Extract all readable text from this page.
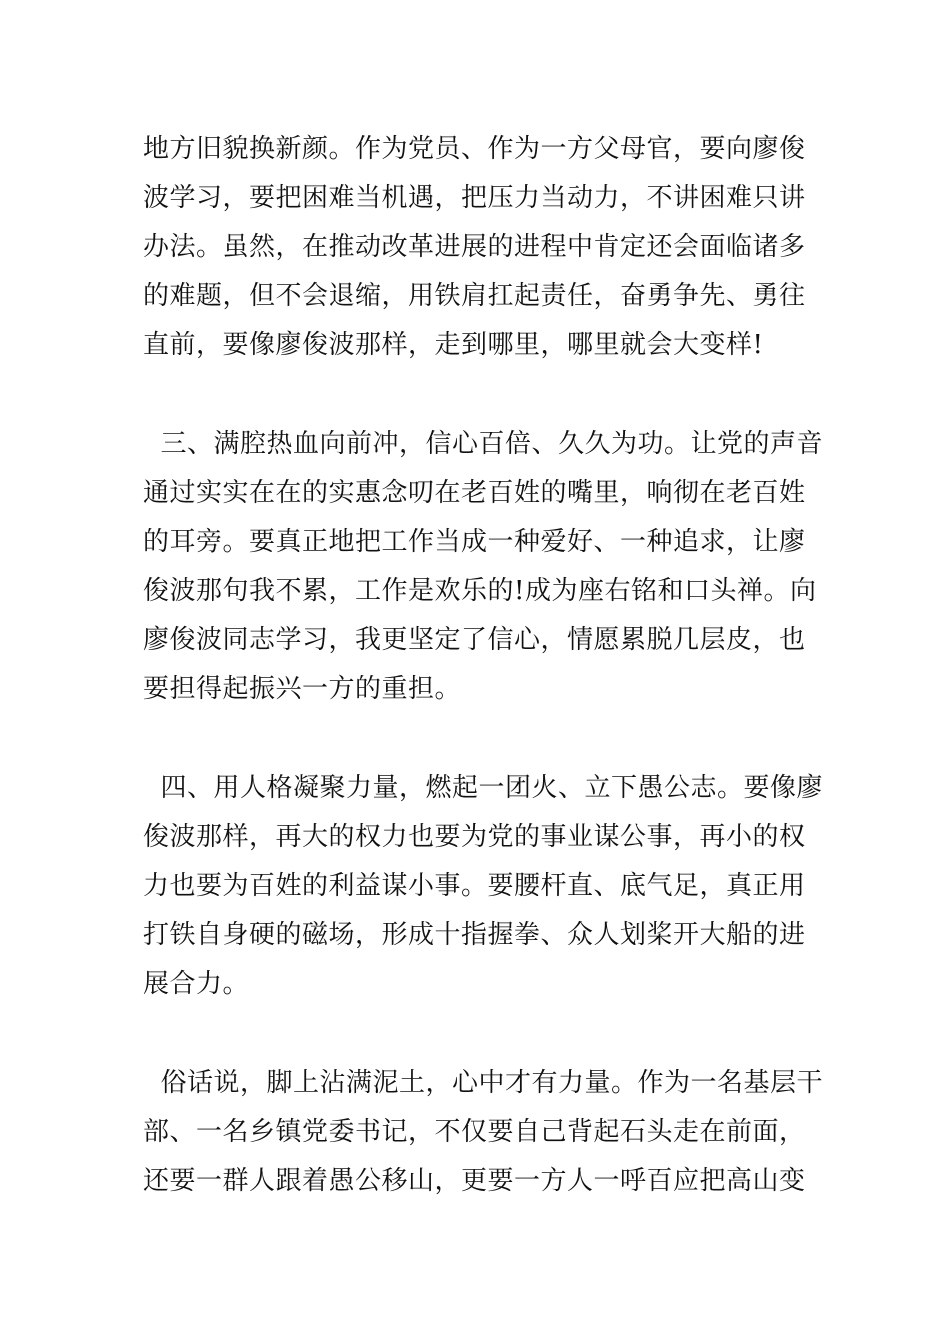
地方旧貌换新颜。作为党员、作为一方父母官，要向廖俊
波学习，要把困难当机遇，把压力当动力，不讲困难只讲
办法。虽然，在推动改革进展的进程中肯定还会面临诸多
的难题，但不会退缩，用铁肩扛起责任，奋勇争先、勇往
直前，要像廖俊波那样，走到哪里，哪里就会大变样!
三、满腔热血向前冲，信心百倍、久久为功。让党的声音
通过实实在在的实惠念叨在老百姓的嘴里，响彻在老百姓
的耳旁。要真正地把工作当成一种爱好、一种追求，让廖
俊波那句我不累，工作是欢乐的!成为座右铭和口头禅。向
廖俊波同志学习，我更坚定了信心，情愿累脱几层皮，也
要担得起振兴一方的重担。
四、用人格凝聚力量，燃起一团火、立下愚公志。要像廖
俊波那样，再大的权力也要为党的事业谋公事，再小的权
力也要为百姓的利益谋小事。要腰杆直、底气足，真正用
打铁自身硬的磁场，形成十指握拳、众人划桨开大船的进
展合力。
俗话说，脚上沾满泥土，心中才有力量。作为一名基层干
部、一名乡镇党委书记，不仅要自己背起石头走在前面，
还要一群人跟着愚公移山，更要一方人一呼百应把高山变
